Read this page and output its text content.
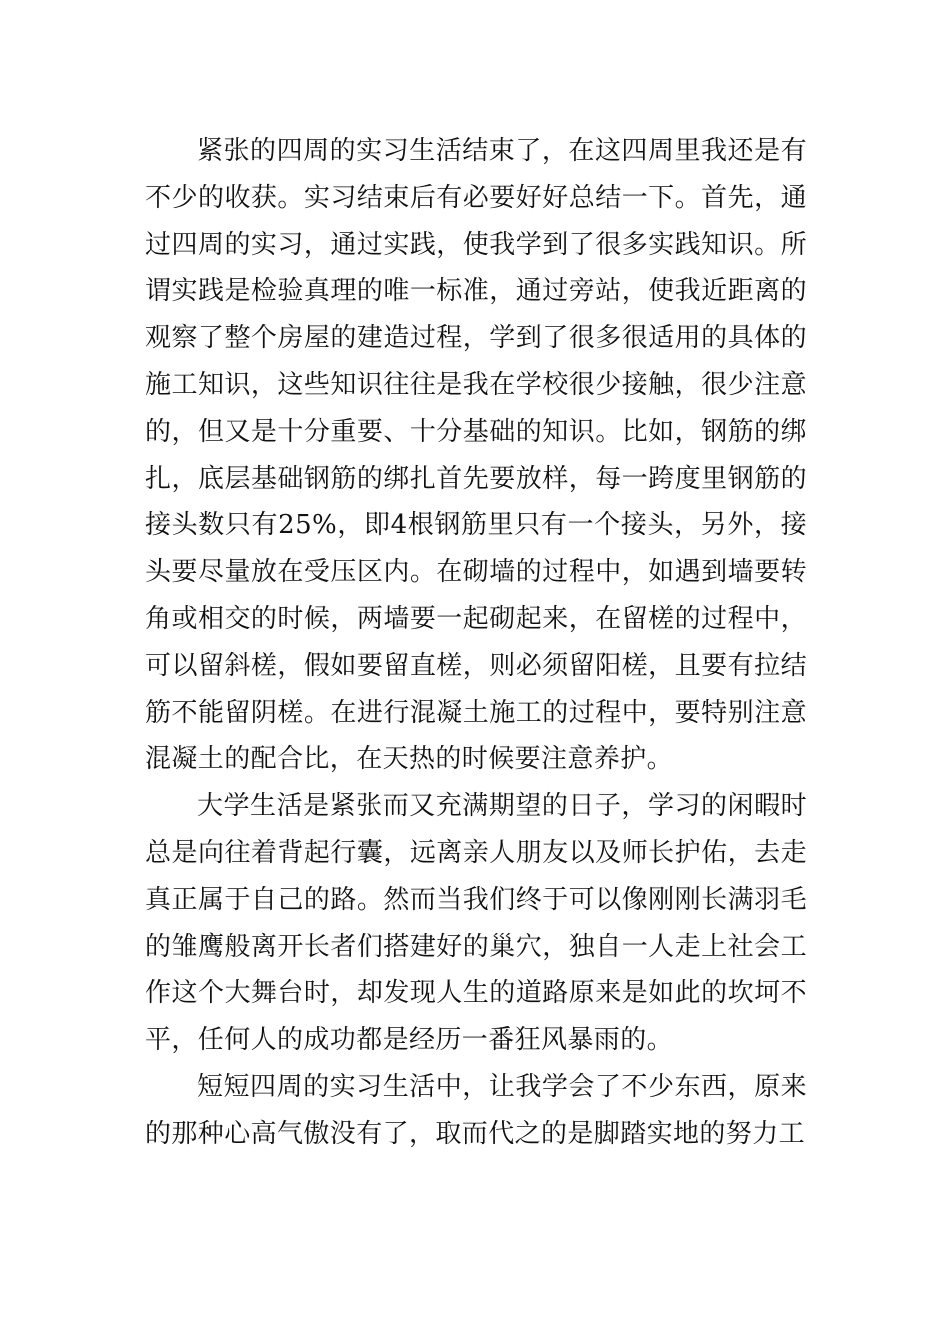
紧张的四周的实习生活结束了，在这四周里我还是有不少的收获。实习结束后有必要好好总结一下。首先，通过四周的实习，通过实践，使我学到了很多实践知识。所谓实践是检验真理的唯一标准，通过旁站，使我近距离的观察了整个房屋的建造过程，学到了很多很适用的具体的施工知识，这些知识往往是我在学校很少接触，很少注意的，但又是十分重要、十分基础的知识。比如，钢筋的绑扎，底层基础钢筋的绑扎首先要放样，每一跨度里钢筋的接头数只有25%，即4根钢筋里只有一个接头，另外，接头要尽量放在受压区内。在砌墙的过程中，如遇到墙要转角或相交的时候，两墙要一起砌起来，在留槎的过程中，可以留斜槎，假如要留直槎，则必须留阳槎，且要有拉结筋不能留阴槎。在进行混凝土施工的过程中，要特别注意混凝土的配合比，在天热的时候要注意养护。

大学生活是紧张而又充满期望的日子，学习的闲暇时总是向往着背起行囊，远离亲人朋友以及师长护佑，去走真正属于自己的路。然而当我们终于可以像刚刚长满羽毛的雏鹰般离开长者们搭建好的巢穴，独自一人走上社会工作这个大舞台时，却发现人生的道路原来是如此的坎坷不平，任何人的成功都是经历一番狂风暴雨的。

短短四周的实习生活中，让我学会了不少东西，原来的那种心高气傲没有了，取而代之的是脚踏实地的努力工
